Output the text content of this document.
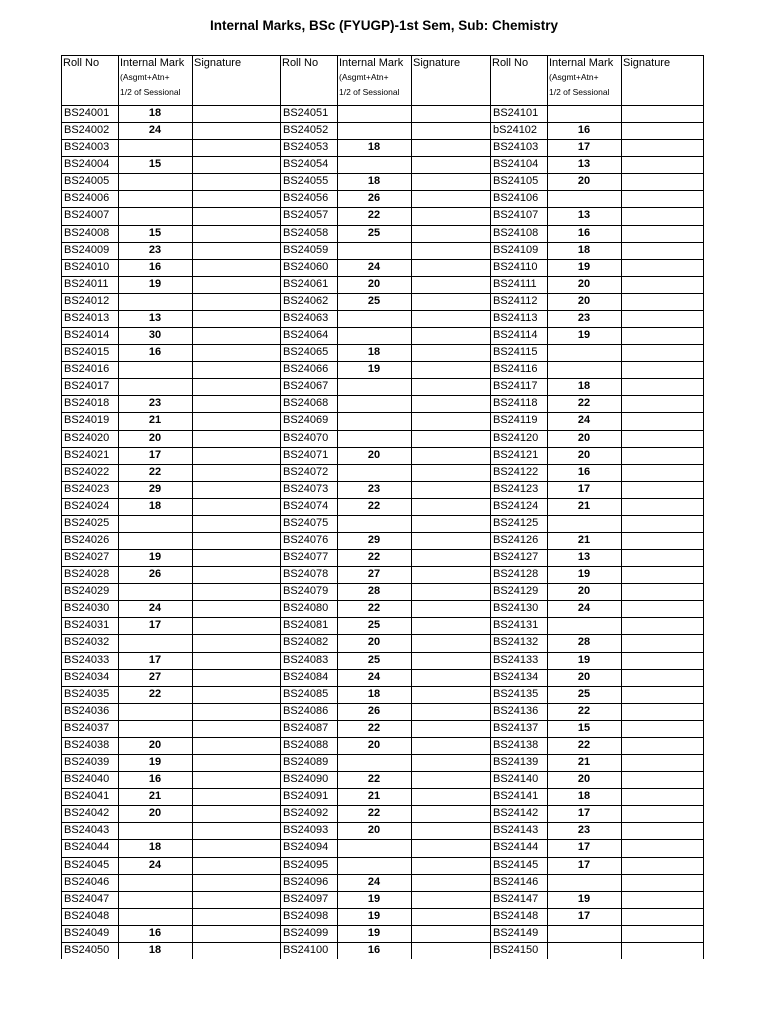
Internal Marks, BSc (FYUGP)-1st Sem, Sub: Chemistry
Roll No	Internal Mark
(Asgmt+Atn+
1/2 of Sessional
Signature
BS24001	18
BS24002	24
BS24003
BS24004	15
BS24005
BS24006
BS24007
BS24008	15
BS24009	23
BS24010	16
BS24011	19
BS24012
BS24013	13
BS24014	30
BS24015	16
BS24016
BS24017
BS24018	23
BS24019	21
BS24020	20
BS24021	17
BS24022	22
BS24023	29
BS24024	18
BS24025
BS24026
BS24027	19
BS24028	26
BS24029
BS24030	24
BS24031	17
BS24032
BS24033	17
BS24034	27
BS24035	22
BS24036
BS24037
BS24038	20
BS24039	19
BS24040	16
BS24041	21
BS24042	20
BS24043
BS24044	18
BS24045	24
BS24046
BS24047
BS24048
BS24049	16
BS24050	18
Roll No	Internal Mark
(Asgmt+Atn+
1/2 of Sessional
Signature
BS24051
BS24052
BS24053	18
BS24054
BS24055	18
BS24056	26
BS24057	22
BS24058	25
BS24059
BS24060	24
BS24061	20
BS24062	25
BS24063
BS24064
BS24065	18
BS24066	19
BS24067
BS24068
BS24069
BS24070
BS24071	20
BS24072
BS24073	23
BS24074	22
BS24075
BS24076	29
BS24077	22
BS24078	27
BS24079	28
BS24080	22
BS24081	25
BS24082	20
BS24083	25
BS24084	24
BS24085	18
BS24086	26
BS24087	22
BS24088	20
BS24089
BS24090	22
BS24091	21
BS24092	22
BS24093	20
BS24094
BS24095
BS24096	24
BS24097	19
BS24098	19
BS24099	19
BS24100	16
Roll No	Internal Mark
(Asgmt+Atn+
1/2 of Sessional
Signature
BS24101
bS24102	16
BS24103	17
BS24104	13
BS24105	20
BS24106
BS24107	13
BS24108	16
BS24109	18
BS24110	19
BS24111	20
BS24112	20
BS24113	23
BS24114	19
BS24115
BS24116
BS24117	18
BS24118	22
BS24119	24
BS24120	20
BS24121	20
BS24122	16
BS24123	17
BS24124	21
BS24125
BS24126	21
BS24127	13
BS24128	19
BS24129	20
BS24130	24
BS24131
BS24132	28
BS24133	19
BS24134	20
BS24135	25
BS24136	22
BS24137	15
BS24138	22
BS24139	21
BS24140	20
BS24141	18
BS24142	17
BS24143	23
BS24144	17
BS24145	17
BS24146
BS24147	19
BS24148	17
BS24149
BS24150
